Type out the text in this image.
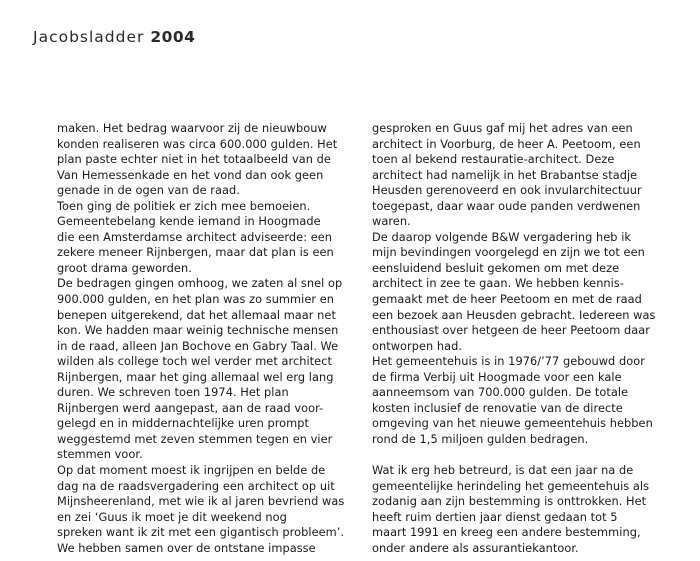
Jacobsladder 2004
maken. Het bedrag waarvoor zij de nieuwbouw
konden realiseren was circa 600.000 gulden. Het
plan paste echter niet in het totaalbeeld van de
Van Hemessenkade en het vond dan ook geen
genade in de ogen van de raad.
Toen ging de politiek er zich mee bemoeien.
Gemeentebelang kende iemand in Hoogmade
die een Amsterdamse architect adviseerde: een
zekere meneer Rijnbergen, maar dat plan is een
groot drama geworden.
De bedragen gingen omhoog, we zaten al snel op
900.000 gulden, en het plan was zo summier en
benepen uitgerekend, dat het allemaal maar net
kon. We hadden maar weinig technische mensen
in de raad, alleen Jan Bochove en Gabry Taal. We
wilden als college toch wel verder met architect
Rijnbergen, maar het ging allemaal wel erg lang
duren. We schreven toen 1974. Het plan
Rijnbergen werd aangepast, aan de raad voor-
gelegd en in middernachtelijke uren prompt
weggestemd met zeven stemmen tegen en vier
stemmen voor.
Op dat moment moest ik ingrijpen en belde de
dag na de raadsvergadering een architect op uit
Mijnsheerenland, met wie ik al jaren bevriend was
en zei ‘Guus ik moet je dit weekend nog
spreken want ik zit met een gigantisch probleem’.
We hebben samen over de ontstane impasse
gesproken en Guus gaf mij het adres van een
architect in Voorburg, de heer A. Peetoom, een
toen al bekend restauratie-architect. Deze
architect had namelijk in het Brabantse stadje
Heusden gerenoveerd en ook invularchitectuur
toegepast, daar waar oude panden verdwenen
waren.
De daarop volgende B&W vergadering heb ik
mijn bevindingen voorgelegd en zijn we tot een
eensluidend besluit gekomen om met deze
architect in zee te gaan. We hebben kennis-
gemaakt met de heer Peetoom en met de raad
een bezoek aan Heusden gebracht. Iedereen was
enthousiast over hetgeen de heer Peetoom daar
ontworpen had.
Het gemeentehuis is in 1976/’77 gebouwd door
de firma Verbij uit Hoogmade voor een kale
aanneemsom van 700.000 gulden. De totale
kosten inclusief de renovatie van de directe
omgeving van het nieuwe gemeentehuis hebben
rond de 1,5 miljoen gulden bedragen.
Wat ik erg heb betreurd, is dat een jaar na de
gemeentelijke herindeling het gemeentehuis als
zodanig aan zijn bestemming is onttrokken. Het
heeft ruim dertien jaar dienst gedaan tot 5
maart 1991 en kreeg een andere bestemming,
onder andere als assurantiekantoor.
